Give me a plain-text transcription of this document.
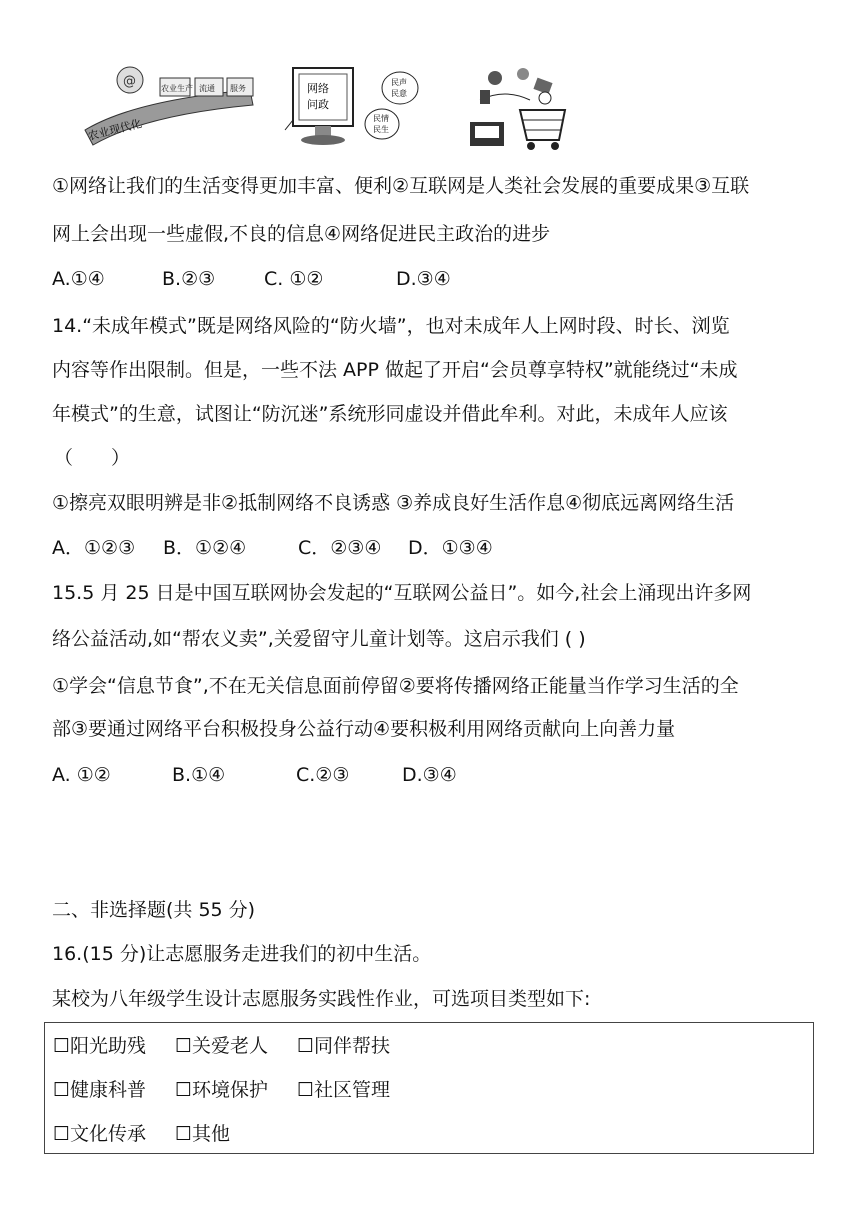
@	农业生产 流通 服务
农业现代化
网络
问政
民声
民意
民情
民生
①网络让我们的生活变得更加丰富、便利②互联网是人类社会发展的重要成果③互联
网上会出现一些虚假,不良的信息④网络促进民主政治的进步
A.①④	B.②③	C. ①②	D.③④
14.“未成年模式”既是网络风险的“防火墙”，也对未成年人上网时段、时长、浏览
内容等作出限制。但是，一些不法 APP 做起了开启“会员尊享特权”就能绕过“未成
年模式”的生意，试图让“防沉迷”系统形同虚设并借此牟利。对此，未成年人应该
（　　）
①擦亮双眼明辨是非②抵制网络不良诱惑 ③养成良好生活作息④彻底远离网络生活
A．①②③ B．①②④	C．②③④ D．①③④
15.5 月 25 日是中国互联网协会发起的“互联网公益日”。如今,社会上涌现出许多网
络公益活动,如“帮农义卖”,关爱留守儿童计划等。这启示我们 ( )
①学会“信息节食”,不在无关信息面前停留②要将传播网络正能量当作学习生活的全
部③要通过网络平台积极投身公益行动④要积极利用网络贡献向上向善力量
A. ①②	B.①④	C.②③	D.③④
二、非选择题(共 55 分)
16.(15 分)让志愿服务走进我们的初中生活。
某校为八年级学生设计志愿服务实践性作业，可选项目类型如下:
☐阳光助残 ☐关爱老人 ☐同伴帮扶
☐健康科普 ☐环境保护 ☐社区管理
☐文化传承 ☐其他
